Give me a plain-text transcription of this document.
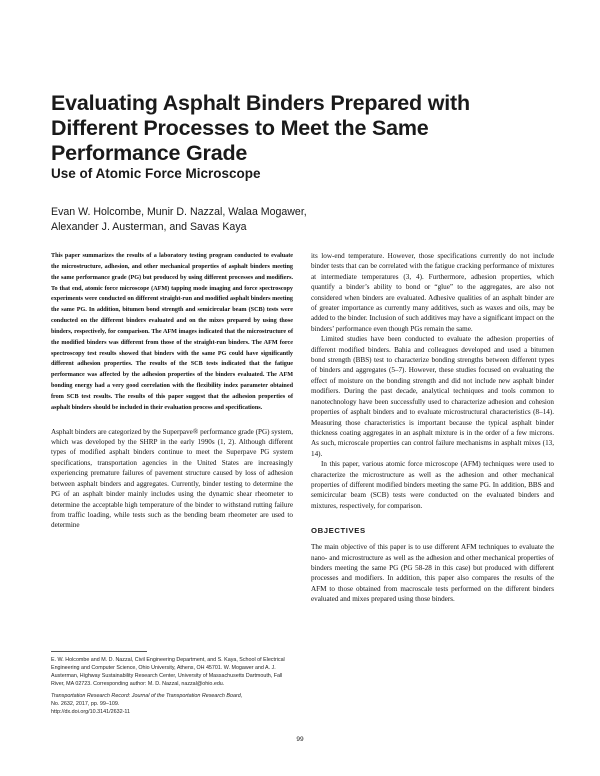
Evaluating Asphalt Binders Prepared with Different Processes to Meet the Same Performance Grade
Use of Atomic Force Microscope
Evan W. Holcombe, Munir D. Nazzal, Walaa Mogawer,
Alexander J. Austerman, and Savas Kaya

This paper summarizes the results of a laboratory testing program conducted to evaluate the microstructure, adhesion, and other mechanical properties of asphalt binders meeting the same performance grade (PG) but produced by using different processes and modifiers. To that end, atomic force microscope (AFM) tapping mode imaging and force spectroscopy experiments were conducted on different straight-run and modified asphalt binders meeting the same PG. In addition, bitumen bond strength and semicircular beam (SCB) tests were conducted on the different binders evaluated and on the mixes prepared by using those binders, respectively, for comparison. The AFM images indicated that the microstructure of the modified binders was different from those of the straight-run binders. The AFM force spectroscopy test results showed that binders with the same PG could have significantly different adhesion properties. The results of the SCB tests indicated that the fatigue performance was affected by the adhesion properties of the binders evaluated. The AFM bonding energy had a very good correlation with the flexibility index parameter obtained from SCB test results. The results of this paper suggest that the adhesion properties of asphalt binders should be included in their evaluation process and specifications.

Asphalt binders are categorized by the Superpave® performance grade (PG) system, which was developed by the SHRP in the early 1990s (1, 2). Although different types of modified asphalt binders continue to meet the Superpave PG system specifications, transportation agencies in the United States are increasingly experiencing premature failures of pavement structure caused by loss of adhesion between asphalt binders and aggregates. Currently, binder testing to determine the PG of an asphalt binder mainly includes using the dynamic shear rheometer to determine the acceptable high temperature of the binder to withstand rutting failure from traffic loading, while tests such as the bending beam rheometer are used to determine

its low-end temperature. However, those specifications currently do not include binder tests that can be correlated with the fatigue cracking performance of mixtures at intermediate temperatures (3, 4). Furthermore, adhesion properties, which quantify a binder’s ability to bond or “glue” to the aggregates, are also not considered when binders are evaluated. Adhesive qualities of an asphalt binder are of greater importance as currently many additives, such as waxes and oils, may be added to the binder. Inclusion of such additives may have a significant impact on the binders’ performance even though PGs remain the same.

Limited studies have been conducted to evaluate the adhesion properties of different modified binders. Bahia and colleagues developed and used a bitumen bond strength (BBS) test to characterize bonding strengths between different types of binders and aggregates (5–7). However, these studies focused on evaluating the effect of moisture on the bonding strength and did not include new asphalt binder modifiers. During the past decade, analytical techniques and tools common to nanotechnology have been successfully used to characterize adhesion and cohesion properties of asphalt binders and to evaluate microstructural characteristics (8–14). Measuring those characteristics is important because the typical asphalt binder thickness coating aggregates in an asphalt mixture is in the order of a few microns. As such, microscale properties can control failure mechanisms in asphalt mixes (13, 14).

In this paper, various atomic force microscope (AFM) techniques were used to characterize the microstructure as well as the adhesion and other mechanical properties of different modified binders meeting the same PG. In addition, BBS and semicircular beam (SCB) tests were conducted on the evaluated binders and mixtures, respectively, for comparison.

OBJECTIVES

The main objective of this paper is to use different AFM techniques to evaluate the nano- and microstructure as well as the adhesion and other mechanical properties of binders meeting the same PG (PG 58-28 in this case) but produced with different processes and modifiers. In addition, this paper also compares the results of the AFM to those obtained from macroscale tests performed on the different binders evaluated and mixes prepared using those binders.

E. W. Holcombe and M. D. Nazzal, Civil Engineering Department, and S. Kaya, School of Electrical Engineering and Computer Science, Ohio University, Athens, OH 45701. W. Mogawer and A. J. Austerman, Highway Sustainability Research Center, University of Massachusetts Dartmouth, Fall River, MA 02723. Corresponding author: M. D. Nazzal, nazzal@ohio.edu.

Transportation Research Record: Journal of the Transportation Research Board,
No. 2632, 2017, pp. 99–109.
http://dx.doi.org/10.3141/2632-11

99
